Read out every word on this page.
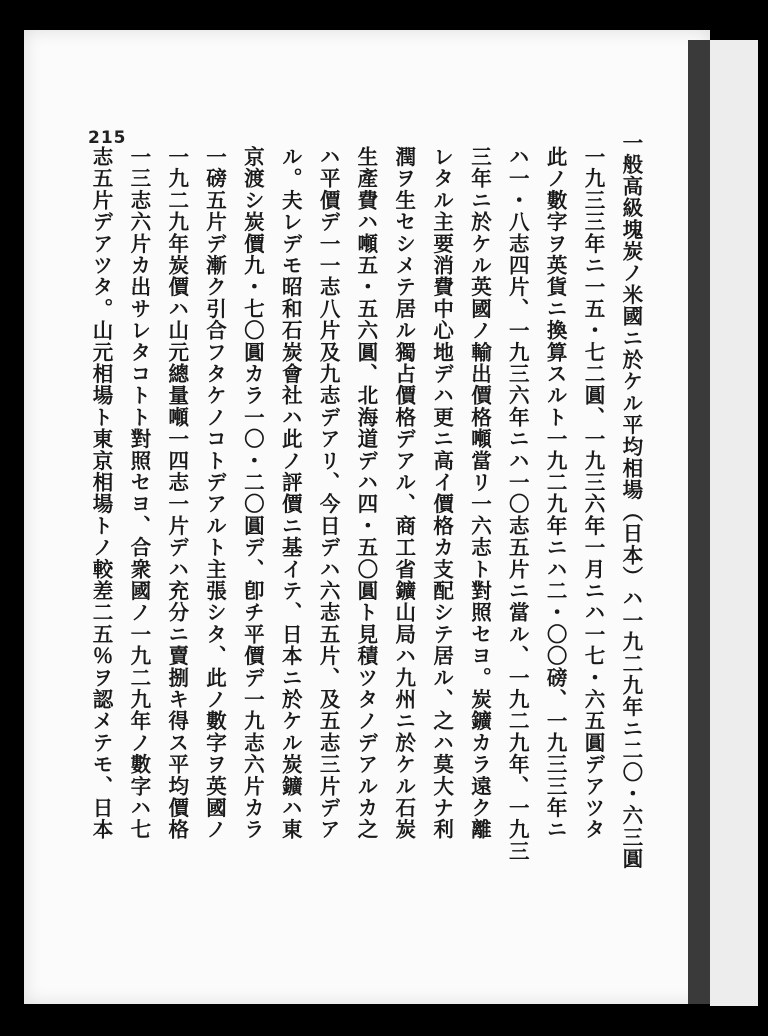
215	一般高級塊炭ノ米國ニ於ケル平均相場（日本）ハ一九二九年ニ二〇・六三圓
一九三三年ニ一五・七二圓、一九三六年一月ニハ一七・六五圓デアツタ
此ノ數字ヲ英貨ニ換算スルト一九二九年ニハ二・〇〇磅、一九三三年ニ
ハ一・八志四片、一九三六年ニハ一〇志五片ニ當ル、一九二九年、一九三
三年ニ於ケル英國ノ輸出價格噸當リ一六志ト對照セヨ。炭鑛カラ遠ク離
レタル主要消費中心地デハ更ニ高イ價格カ支配シテ居ル、之ハ莫大ナ利
潤ヲ生セシメテ居ル獨占價格デアル、商工省鑛山局ハ九州ニ於ケル石炭
生產費ハ噸五・五六圓、北海道デハ四・五〇圓ト見積ツタノデアルカ之
ハ平價デ一一志八片及九志デアリ、今日デハ六志五片、及五志三片デア
ル。夫レデモ昭和石炭會社ハ此ノ評價ニ基イテ、日本ニ於ケル炭鑛ハ東
京渡シ炭價九・七〇圓カラ一〇・二〇圓デ、卽チ平價デ一九志六片カラ
一磅五片デ漸ク引合フタケノコトデアルト主張シタ、此ノ數字ヲ英國ノ
一九二九年炭價ハ山元總量噸一四志一片デハ充分ニ賣捌キ得ス平均價格
一三志六片カ出サレタコトト對照セヨ、合衆國ノ一九二九年ノ數字ハ七
志五片デアツタ。山元相場ト東京相場トノ較差二五％ヲ認メテモ、日本
